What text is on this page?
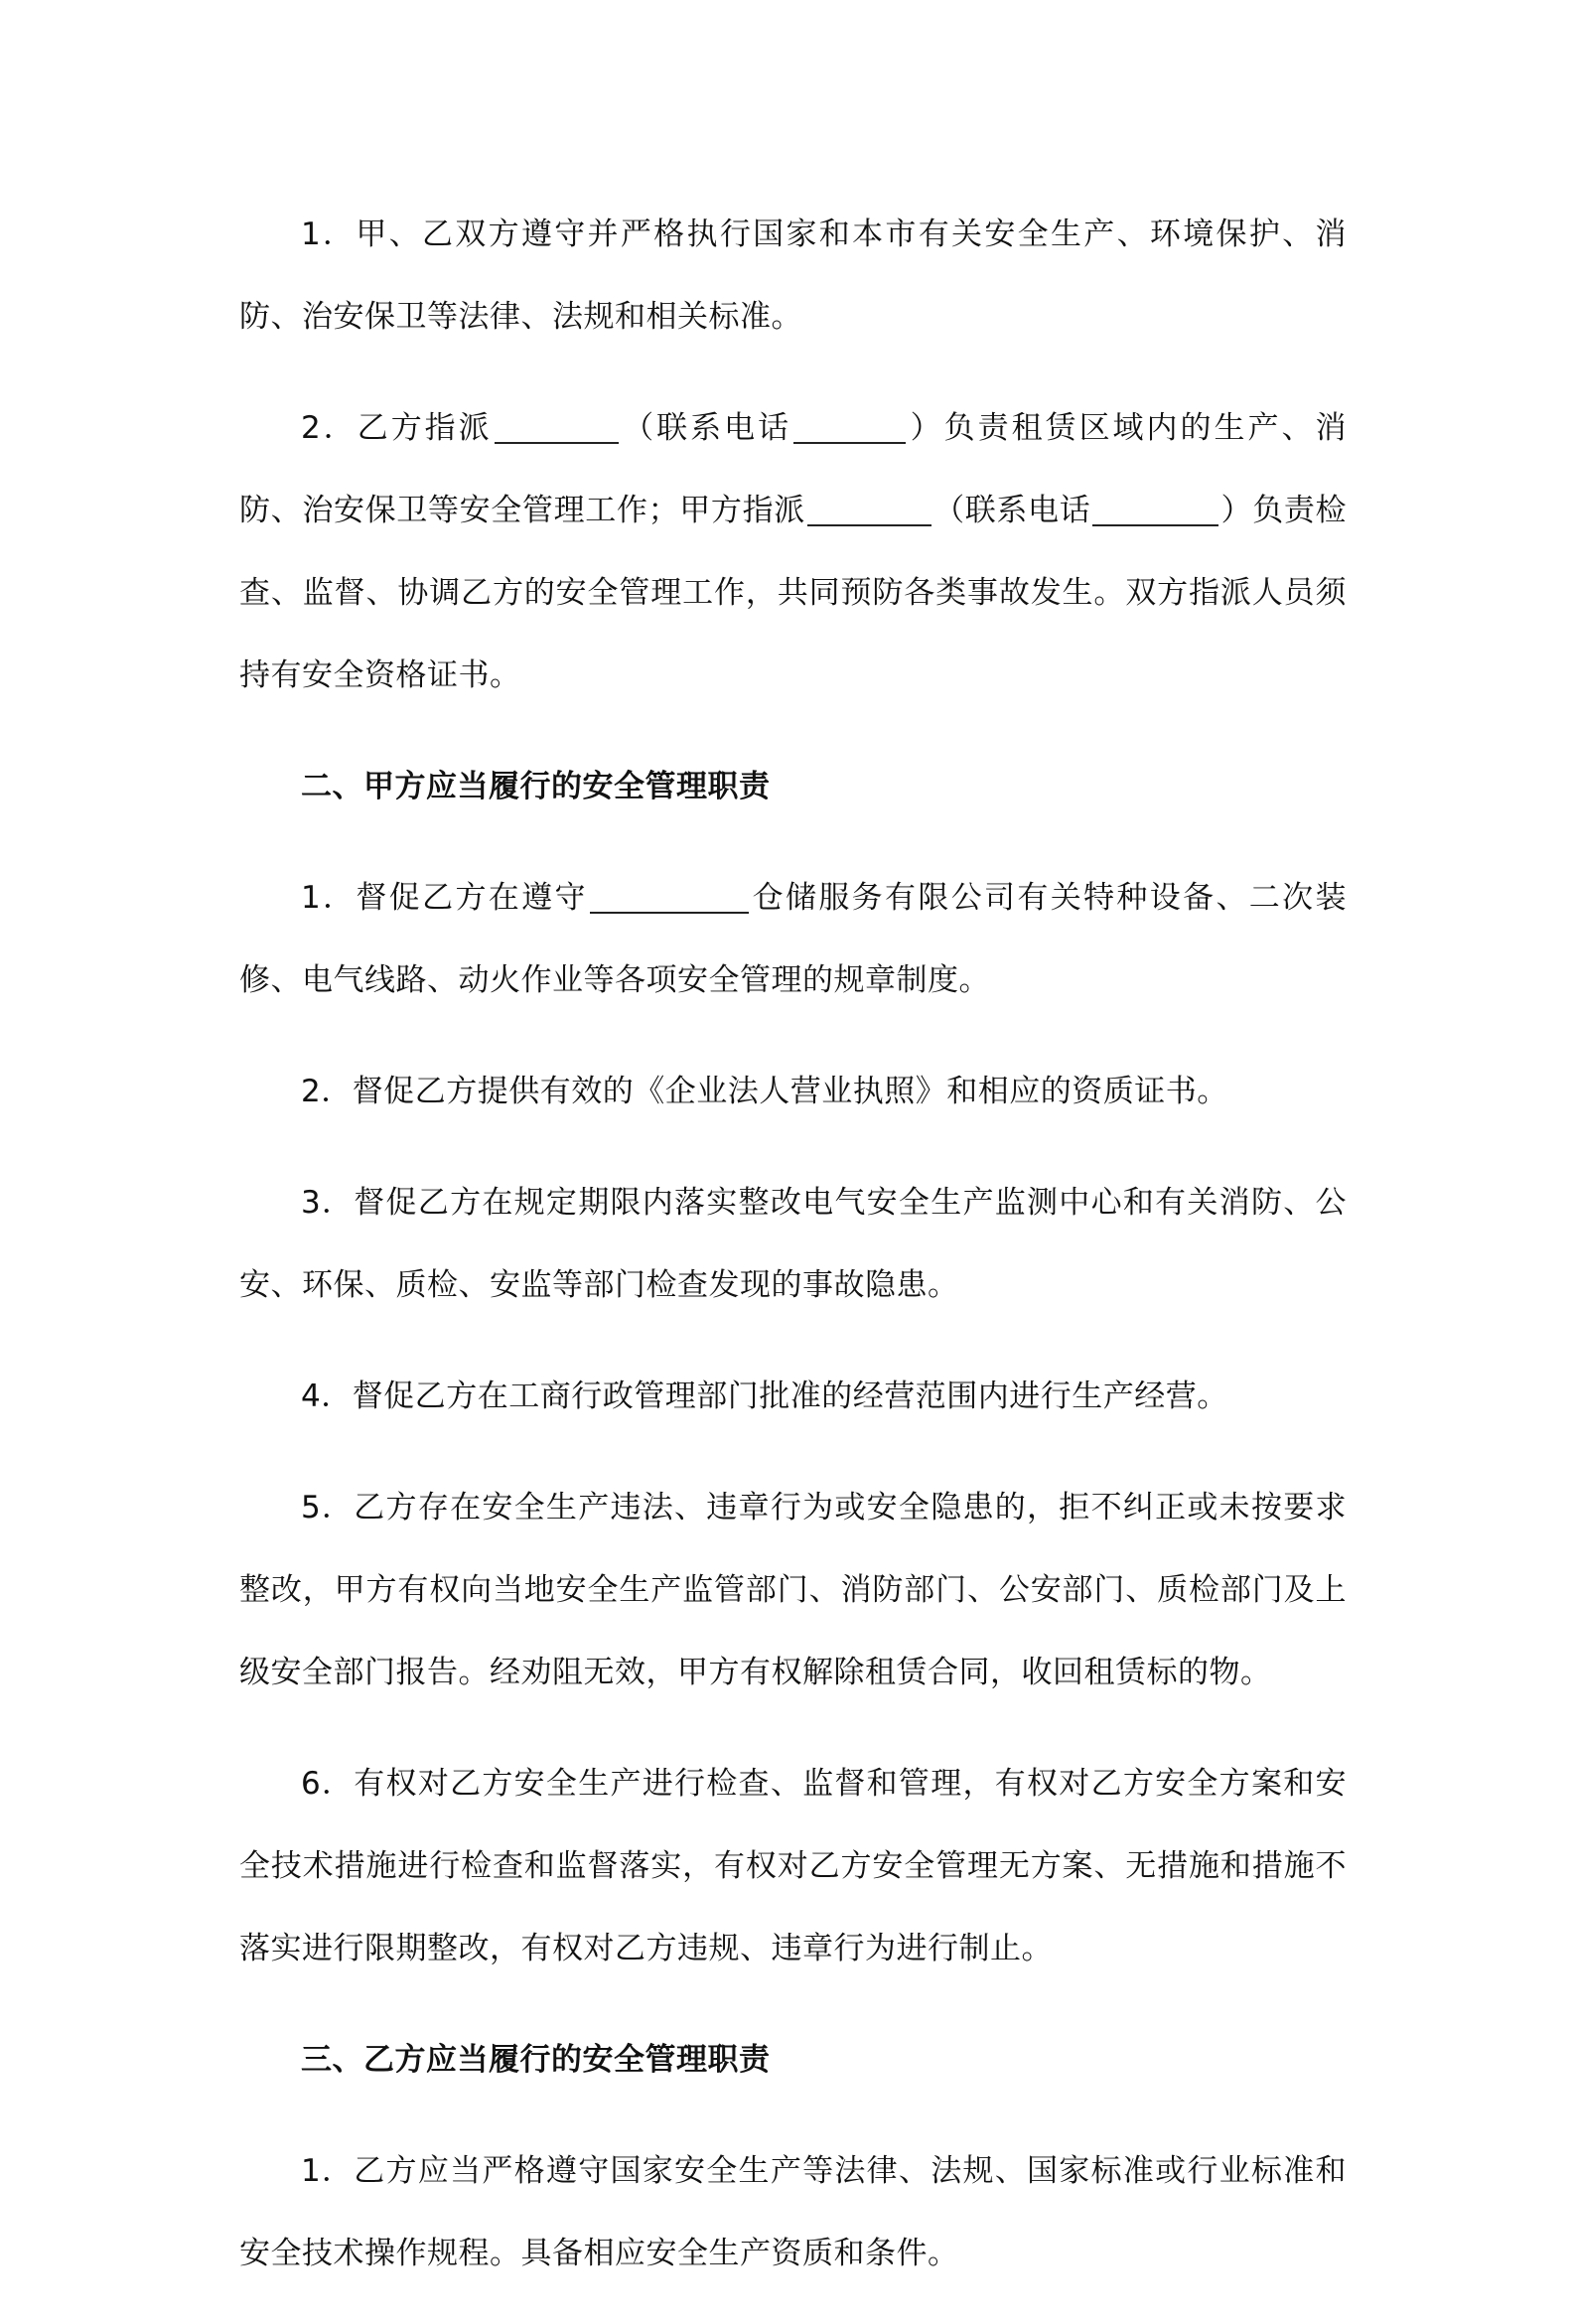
1．甲、乙双方遵守并严格执行国家和本市有关安全生产、环境保护、消防、治安保卫等法律、法规和相关标准。

2．乙方指派	（联系电话	）负责租赁区域内的生产、消防、治安保卫等安全管理工作；甲方指派	（联系电话	）负责检查、监督、协调乙方的安全管理工作，共同预防各类事故发生。双方指派人员须持有安全资格证书。

二、甲方应当履行的安全管理职责

1．督促乙方在遵守	仓储服务有限公司有关特种设备、二次装修、电气线路、动火作业等各项安全管理的规章制度。

2．督促乙方提供有效的《企业法人营业执照》和相应的资质证书。

3．督促乙方在规定期限内落实整改电气安全生产监测中心和有关消防、公安、环保、质检、安监等部门检查发现的事故隐患。

4．督促乙方在工商行政管理部门批准的经营范围内进行生产经营。

5．乙方存在安全生产违法、违章行为或安全隐患的，拒不纠正或未按要求整改，甲方有权向当地安全生产监管部门、消防部门、公安部门、质检部门及上级安全部门报告。经劝阻无效，甲方有权解除租赁合同，收回租赁标的物。

6．有权对乙方安全生产进行检查、监督和管理，有权对乙方安全方案和安全技术措施进行检查和监督落实，有权对乙方安全管理无方案、无措施和措施不落实进行限期整改，有权对乙方违规、违章行为进行制止。

三、乙方应当履行的安全管理职责

1．乙方应当严格遵守国家安全生产等法律、法规、国家标准或行业标准和安全技术操作规程。具备相应安全生产资质和条件。
